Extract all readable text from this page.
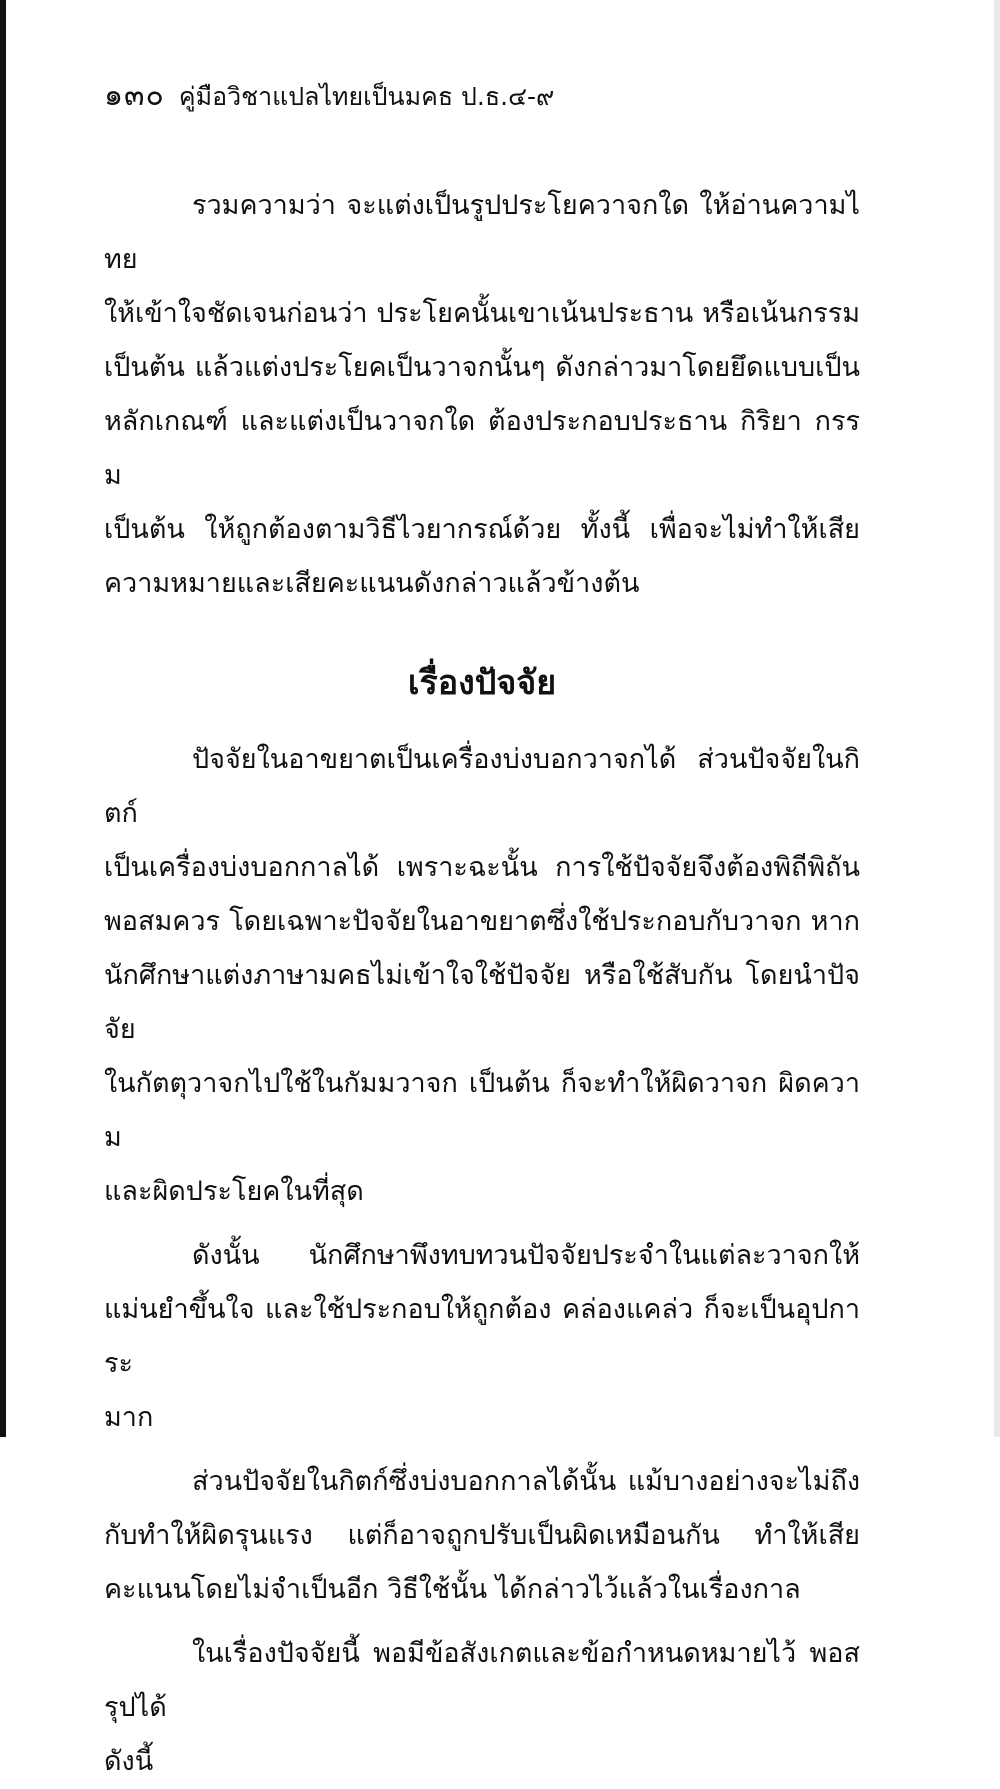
๑๓๐ คู่มือวิชาแปลไทยเป็นมคธ ป.ธ.๔-๙

รวมความว่า จะแต่งเป็นรูปประโยควาจกใด ให้อ่านความไทย
ให้เข้าใจชัดเจนก่อนว่า ประโยคนั้นเขาเน้นประธาน หรือเน้นกรรม
เป็นต้น แล้วแต่งประโยคเป็นวาจกนั้นๆ ดังกล่าวมาโดยยึดแบบเป็น
หลักเกณฑ์ และแต่งเป็นวาจกใด ต้องประกอบประธาน กิริยา กรรม
เป็นต้น ให้ถูกต้องตามวิธีไวยากรณ์ด้วย ทั้งนี้ เพื่อจะไม่ทำให้เสีย
ความหมายและเสียคะแนนดังกล่าวแล้วข้างต้น

เรื่องปัจจัย

ปัจจัยในอาขยาตเป็นเครื่องบ่งบอกวาจกได้ ส่วนปัจจัยในกิตก์
เป็นเครื่องบ่งบอกกาลได้ เพราะฉะนั้น การใช้ปัจจัยจึงต้องพิถีพิถัน
พอสมควร โดยเฉพาะปัจจัยในอาขยาตซึ่งใช้ประกอบกับวาจก หาก
นักศึกษาแต่งภาษามคธไม่เข้าใจใช้ปัจจัย หรือใช้สับกัน โดยนำปัจจัย
ในกัตตุวาจกไปใช้ในกัมมวาจก เป็นต้น ก็จะทำให้ผิดวาจก ผิดความ
และผิดประโยคในที่สุด

ดังนั้น นักศึกษาพึงทบทวนปัจจัยประจำในแต่ละวาจกให้
แม่นยำขึ้นใจ และใช้ประกอบให้ถูกต้อง คล่องแคล่ว ก็จะเป็นอุปการะ
มาก

ส่วนปัจจัยในกิตก์ซึ่งบ่งบอกกาลได้นั้น แม้บางอย่างจะไม่ถึง
กับทำให้ผิดรุนแรง แต่ก็อาจถูกปรับเป็นผิดเหมือนกัน ทำให้เสีย
คะแนนโดยไม่จำเป็นอีก วิธีใช้นั้น ได้กล่าวไว้แล้วในเรื่องกาล

ในเรื่องปัจจัยนี้ พอมีข้อสังเกตและข้อกำหนดหมายไว้ พอสรุปได้
ดังนี้
